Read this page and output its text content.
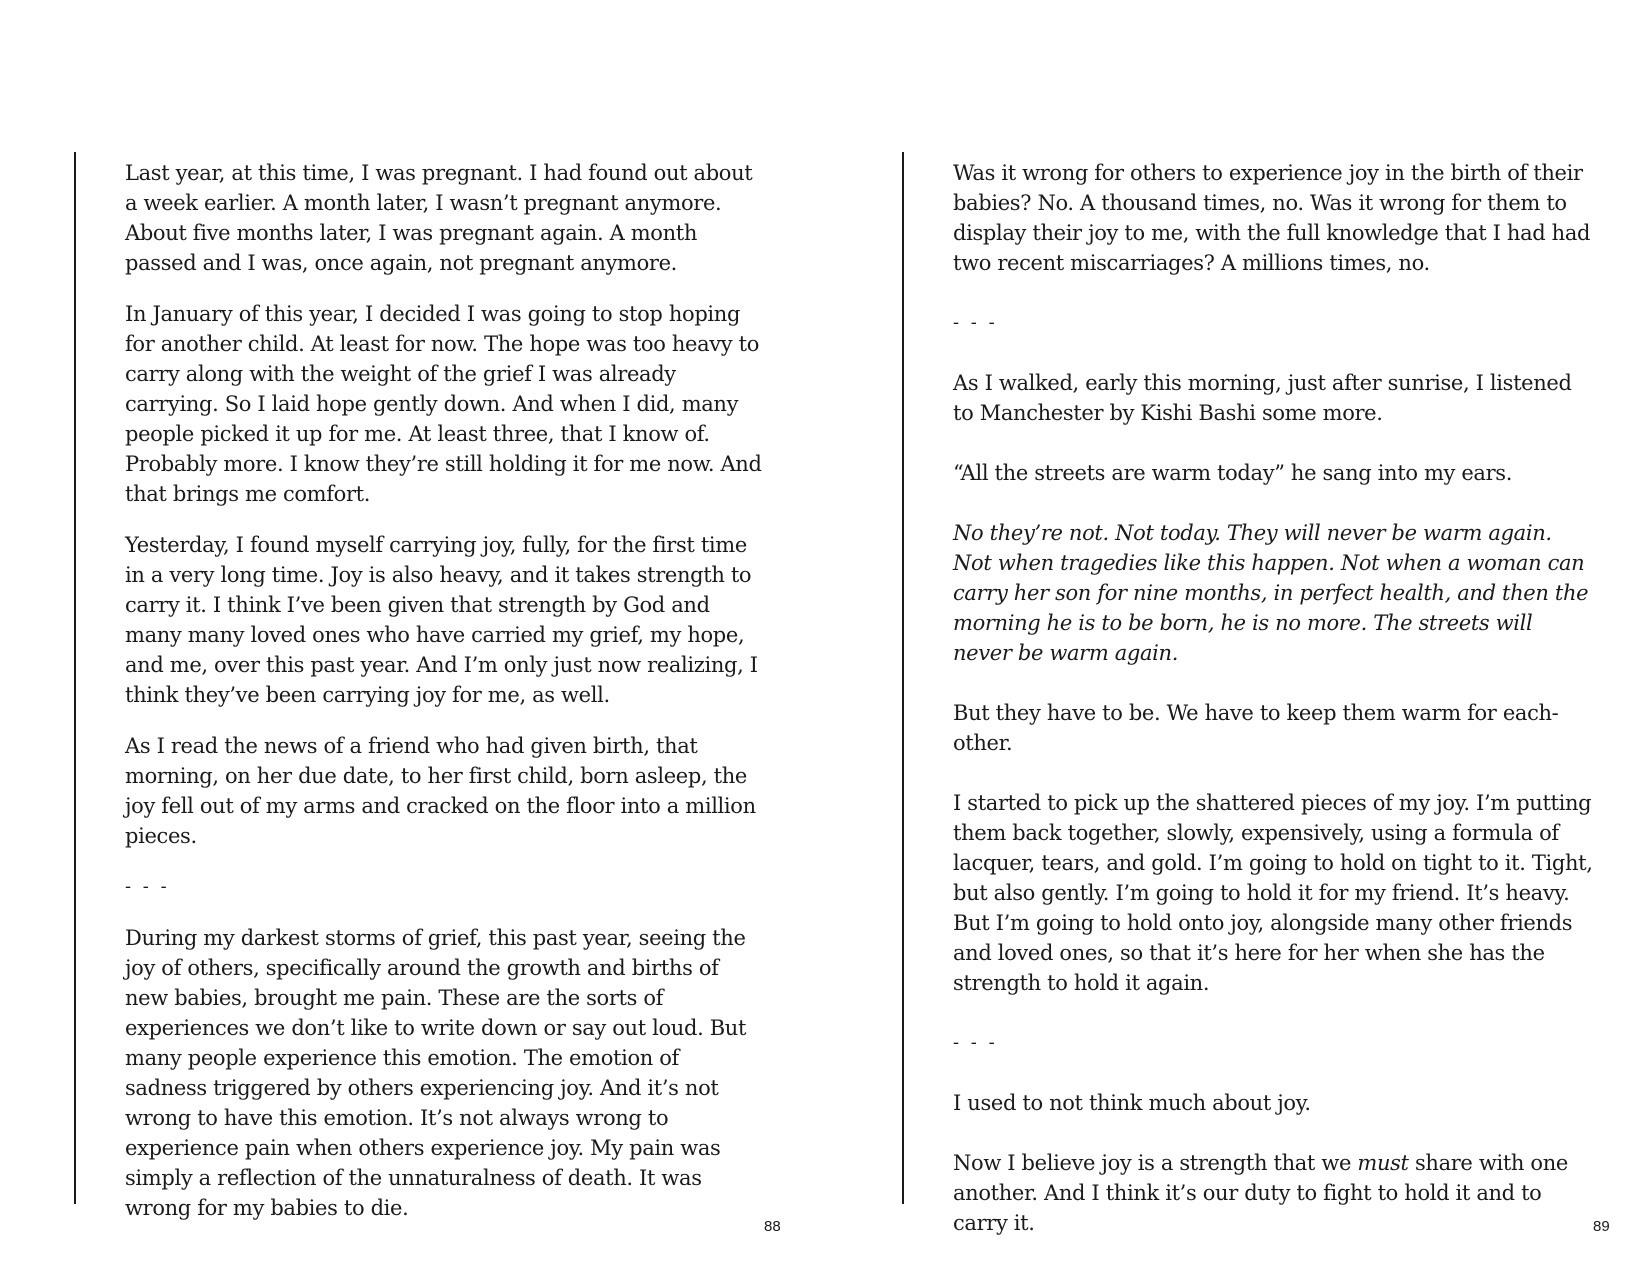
Last year, at this time, I was pregnant. I had found out about a week earlier. A month later, I wasn’t pregnant anymore. About five months later, I was pregnant again. A month passed and I was, once again, not pregnant anymore.

In January of this year, I decided I was going to stop hoping for another child. At least for now. The hope was too heavy to carry along with the weight of the grief I was already carrying. So I laid hope gently down. And when I did, many people picked it up for me. At least three, that I know of. Probably more. I know they’re still holding it for me now. And that brings me comfort.

Yesterday, I found myself carrying joy, fully, for the first time in a very long time. Joy is also heavy, and it takes strength to carry it. I think I’ve been given that strength by God and many many loved ones who have carried my grief, my hope, and me, over this past year. And I’m only just now realizing, I think they’ve been carrying joy for me, as well.

As I read the news of a friend who had given birth, that morning, on her due date, to her first child, born asleep, the joy fell out of my arms and cracked on the floor into a million pieces.

- - -

During my darkest storms of grief, this past year, seeing the joy of others, specifically around the growth and births of new babies, brought me pain. These are the sorts of experiences we don’t like to write down or say out loud. But many people experience this emotion. The emotion of sadness triggered by others experiencing joy. And it’s not wrong to have this emotion. It’s not always wrong to experience pain when others experience joy. My pain was simply a reflection of the unnaturalness of death. It was wrong for my babies to die.

88

Was it wrong for others to experience joy in the birth of their babies? No. A thousand times, no. Was it wrong for them to display their joy to me, with the full knowledge that I had had two recent miscarriages? A millions times, no.

- - -

As I walked, early this morning, just after sunrise, I listened to Manchester by Kishi Bashi some more.

“All the streets are warm today” he sang into my ears.

No they’re not. Not today. They will never be warm again. Not when tragedies like this happen. Not when a woman can carry her son for nine months, in perfect health, and then the morning he is to be born, he is no more. The streets will never be warm again.

But they have to be. We have to keep them warm for each-other.

I started to pick up the shattered pieces of my joy. I’m putting them back together, slowly, expensively, using a formula of lacquer, tears, and gold. I’m going to hold on tight to it. Tight, but also gently. I’m going to hold it for my friend. It’s heavy. But I’m going to hold onto joy, alongside many other friends and loved ones, so that it’s here for her when she has the strength to hold it again.

- - -

I used to not think much about joy.

Now I believe joy is a strength that we must share with one another. And I think it’s our duty to fight to hold it and to carry it.	89
